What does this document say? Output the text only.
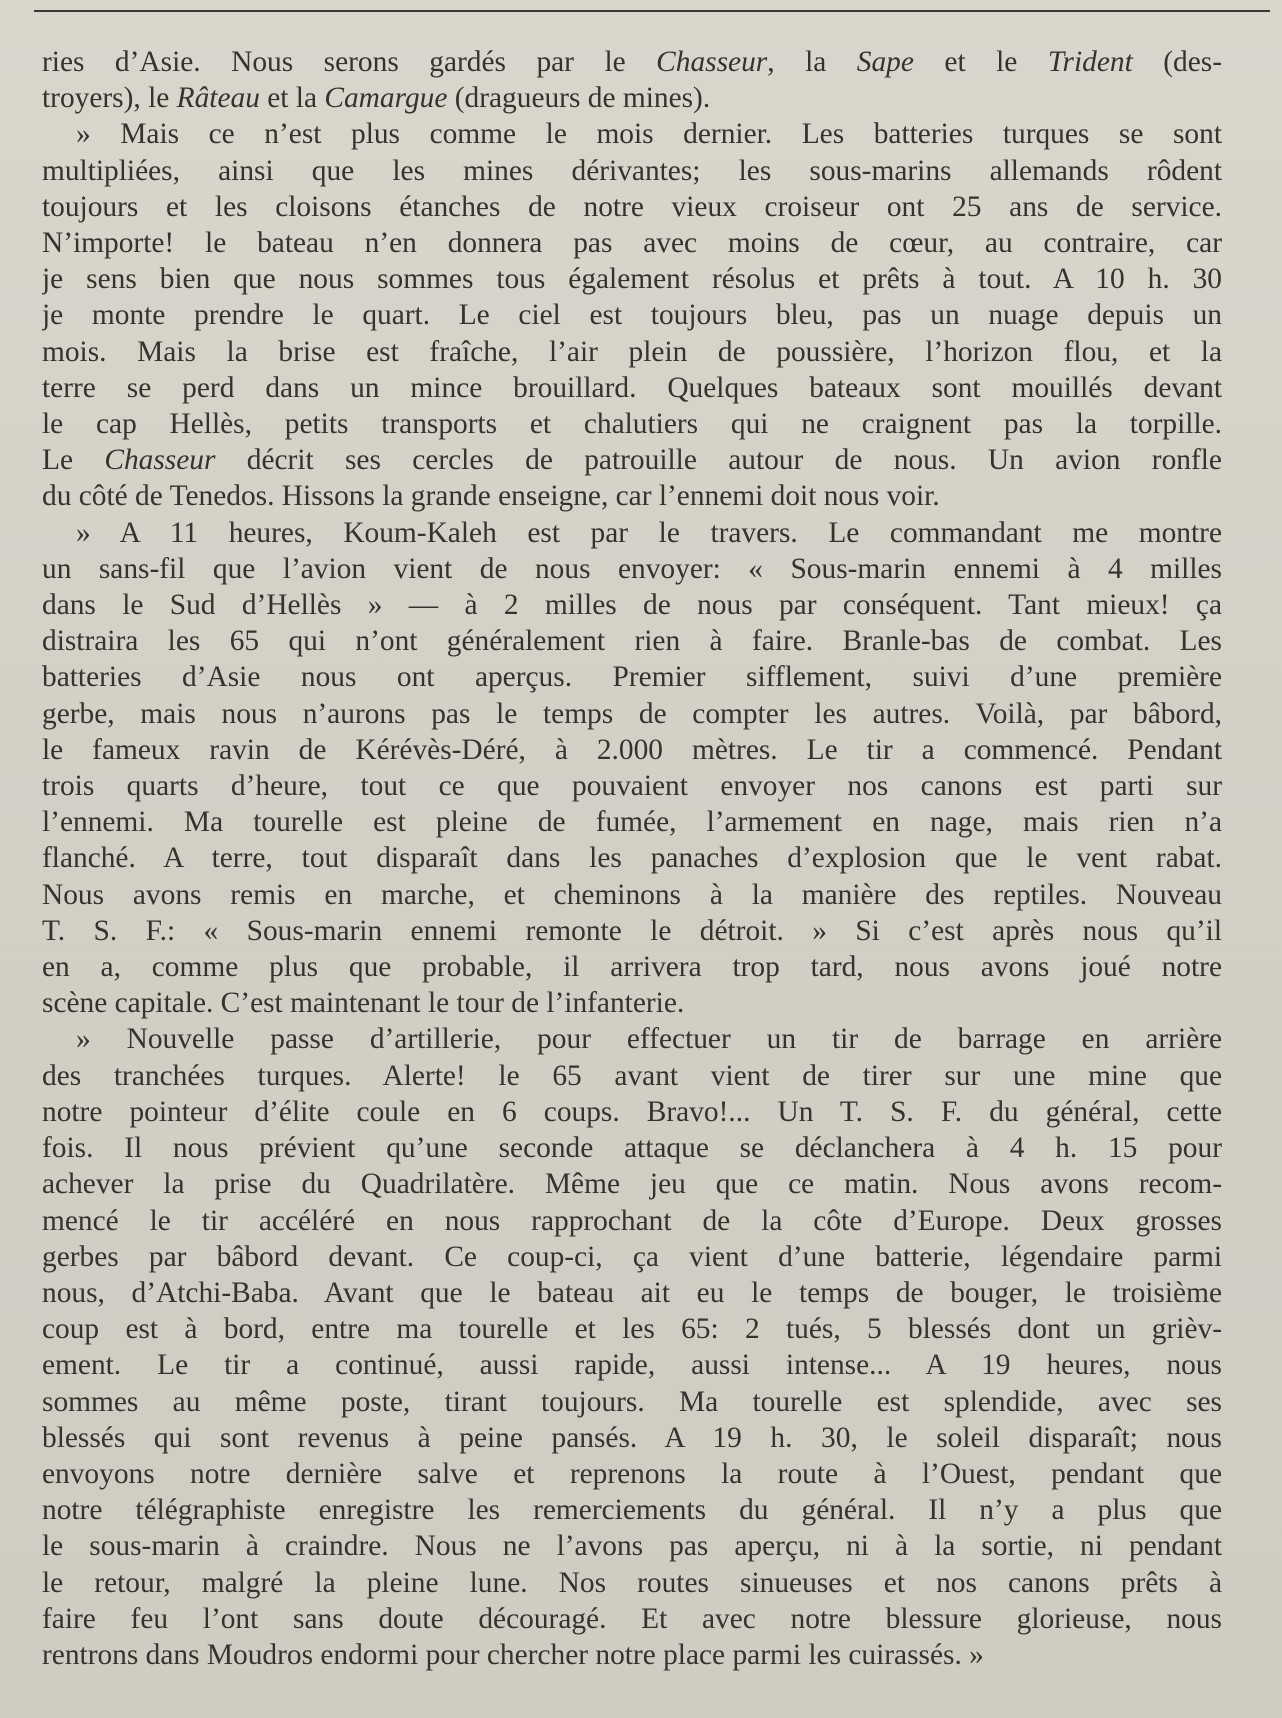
ries d’Asie. Nous serons gardés par le Chasseur, la Sape et le Trident (des-
troyers), le Râteau et la Camargue (dragueurs de mines).
» Mais ce n’est plus comme le mois dernier. Les batteries turques se sont
multipliées, ainsi que les mines dérivantes; les sous-marins allemands rôdent
toujours et les cloisons étanches de notre vieux croiseur ont 25 ans de service.
N’importe! le bateau n’en donnera pas avec moins de cœur, au contraire, car
je sens bien que nous sommes tous également résolus et prêts à tout. A 10 h. 30
je monte prendre le quart. Le ciel est toujours bleu, pas un nuage depuis un
mois. Mais la brise est fraîche, l’air plein de poussière, l’horizon flou, et la
terre se perd dans un mince brouillard. Quelques bateaux sont mouillés devant
le cap Hellès, petits transports et chalutiers qui ne craignent pas la torpille.
Le Chasseur décrit ses cercles de patrouille autour de nous. Un avion ronfle
du côté de Tenedos. Hissons la grande enseigne, car l’ennemi doit nous voir.
» A 11 heures, Koum-Kaleh est par le travers. Le commandant me montre
un sans-fil que l’avion vient de nous envoyer: « Sous-marin ennemi à 4 milles
dans le Sud d’Hellès » — à 2 milles de nous par conséquent. Tant mieux! ça
distraira les 65 qui n’ont généralement rien à faire. Branle-bas de combat. Les
batteries d’Asie nous ont aperçus. Premier sifflement, suivi d’une première
gerbe, mais nous n’aurons pas le temps de compter les autres. Voilà, par bâbord,
le fameux ravin de Kérévès-Déré, à 2.000 mètres. Le tir a commencé. Pendant
trois quarts d’heure, tout ce que pouvaient envoyer nos canons est parti sur
l’ennemi. Ma tourelle est pleine de fumée, l’armement en nage, mais rien n’a
flanché. A terre, tout disparaît dans les panaches d’explosion que le vent rabat.
Nous avons remis en marche, et cheminons à la manière des reptiles. Nouveau
T. S. F.: « Sous-marin ennemi remonte le détroit. » Si c’est après nous qu’il
en a, comme plus que probable, il arrivera trop tard, nous avons joué notre
scène capitale. C’est maintenant le tour de l’infanterie.
» Nouvelle passe d’artillerie, pour effectuer un tir de barrage en arrière
des tranchées turques. Alerte! le 65 avant vient de tirer sur une mine que
notre pointeur d’élite coule en 6 coups. Bravo!... Un T. S. F. du général, cette
fois. Il nous prévient qu’une seconde attaque se déclanchera à 4 h. 15 pour
achever la prise du Quadrilatère. Même jeu que ce matin. Nous avons recom-
mencé le tir accéléré en nous rapprochant de la côte d’Europe. Deux grosses
gerbes par bâbord devant. Ce coup-ci, ça vient d’une batterie, légendaire parmi
nous, d’Atchi-Baba. Avant que le bateau ait eu le temps de bouger, le troisième
coup est à bord, entre ma tourelle et les 65: 2 tués, 5 blessés dont un grièv-
ement. Le tir a continué, aussi rapide, aussi intense... A 19 heures, nous
sommes au même poste, tirant toujours. Ma tourelle est splendide, avec ses
blessés qui sont revenus à peine pansés. A 19 h. 30, le soleil disparaît; nous
envoyons notre dernière salve et reprenons la route à l’Ouest, pendant que
notre télégraphiste enregistre les remerciements du général. Il n’y a plus que
le sous-marin à craindre. Nous ne l’avons pas aperçu, ni à la sortie, ni pendant
le retour, malgré la pleine lune. Nos routes sinueuses et nos canons prêts à
faire feu l’ont sans doute découragé. Et avec notre blessure glorieuse, nous
rentrons dans Moudros endormi pour chercher notre place parmi les cuirassés. »
